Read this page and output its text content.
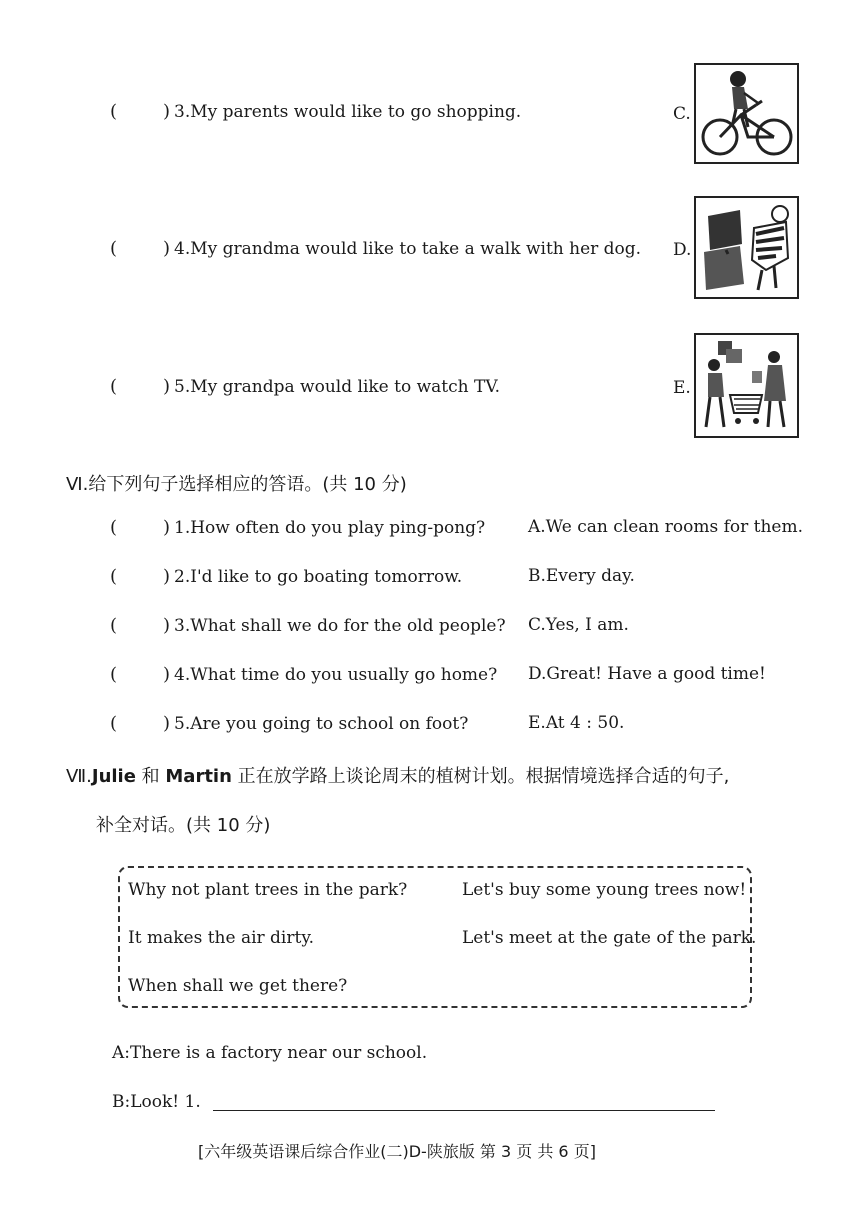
(	) 3.My parents would like to go shopping.	C.
(	) 4.My grandma would like to take a walk with her dog. D.
(	) 5.My grandpa would like to watch TV.	E.
Ⅵ.给下列句子选择相应的答语。(共 10 分)
(	) 1.How often do you play ping-pong?	A.We can clean rooms for them.
(	) 2.I'd like to go boating tomorrow.	B.Every day.
(	) 3.What shall we do for the old people? C.Yes, I am.
(	) 4.What time do you usually go home? D.Great! Have a good time!
(	) 5.Are you going to school on foot?	E.At 4 : 50.
Ⅶ.Julie 和 Martin 正在放学路上谈论周末的植树计划。根据情境选择合适的句子,
补全对话。(共 10 分)
Why not plant trees in the park?	Let's buy some young trees now!
It makes the air dirty.	Let's meet at the gate of the park.
When shall we get there?
A:There is a factory near our school.
B:Look! 1.
[六年级英语课后综合作业(二)D-陕旅版 第 3 页 共 6 页]
